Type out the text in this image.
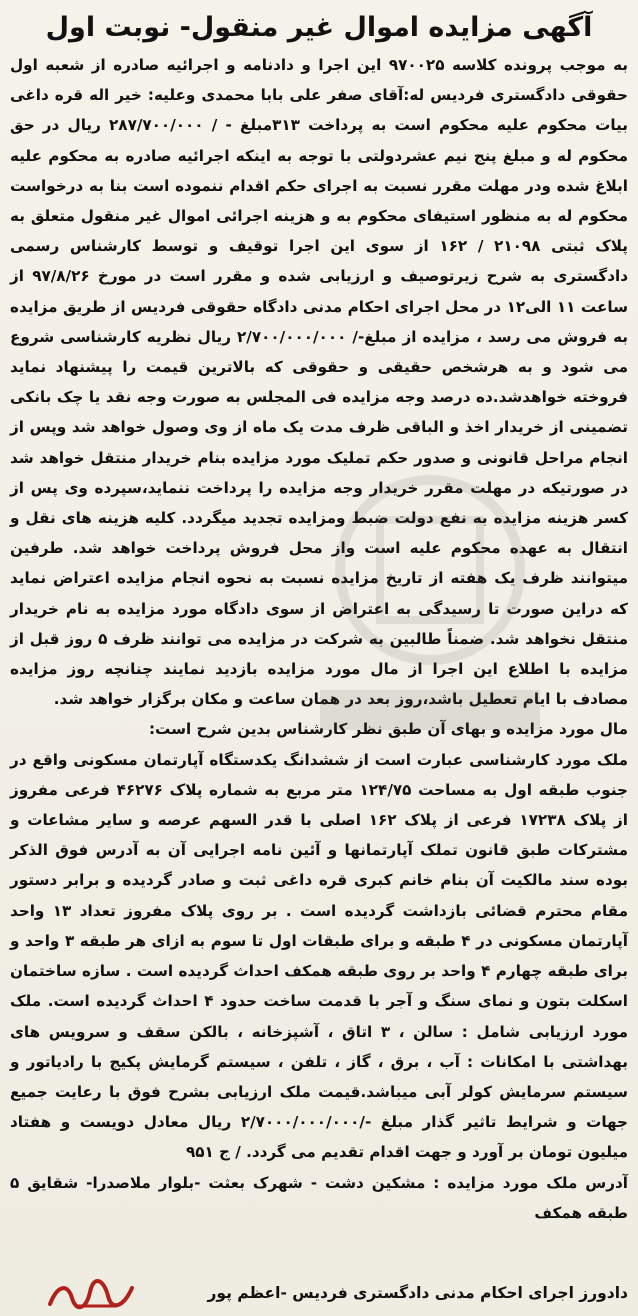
آگهی مزایده اموال غیر منقول- نوبت اول

به موجب پرونده کلاسه ۹۷۰۰۲۵ این اجرا و دادنامه و اجرائیه صادره از شعبه اول حقوقی دادگستری فردیس له:آقای صفر علی بابا محمدی وعلیه: خیر اله قره داغی بیات محکوم علیه محکوم است به پرداخت ۳۱۳مبلغ - / ۲۸۷/۷۰۰/۰۰۰ ریال در حق محکوم له و مبلغ پنج نیم عشردولتی با توجه به اینکه اجرائیه صادره به محکوم علیه ابلاغ شده ودر مهلت مقرر نسبت به اجرای حکم اقدام ننموده است بنا به درخواست محکوم له به منظور استیفای محکوم به و هزینه اجرائی اموال غیر منقول متعلق به پلاک ثبتی ۲۱۰۹۸ / ۱۶۲ از سوی این اجرا توقیف و توسط کارشناس رسمی دادگستری به شرح زیرتوصیف و ارزیابی شده و مقرر است در مورخ ۹۷/۸/۲۶ از ساعت ۱۱ الی۱۲ در محل اجرای احکام مدنی دادگاه حقوقی فردیس از طریق مزایده به فروش می رسد ، مزایده از مبلغ-/ ۲/۷۰۰/۰۰۰/۰۰۰ ریال نظریه کارشناسی شروع می شود و به هرشخص حقیقی و حقوقی که بالاترین قیمت را پیشنهاد نماید فروخته خواهدشد.ده درصد وجه مزایده فی المجلس به صورت وجه نقد یا چک بانکی تضمینی از خریدار اخذ و الباقی ظرف مدت یک ماه از وی وصول خواهد شد وپس از انجام مراحل قانونی و صدور حکم تملیک مورد مزایده بنام خریدار منتقل خواهد شد در صورتیکه در مهلت مقرر خریدار وجه مزایده را پرداخت ننماید،سپرده وی پس از کسر هزینه مزایده به نفع دولت ضبط ومزایده تجدید میگردد. کلیه هزینه های نقل و انتقال به عهده محکوم علیه است واز محل فروش پرداخت خواهد شد. طرفین میتوانند ظرف یک هفته از تاریخ مزایده نسبت به نحوه انجام مزایده اعتراض نماید که دراین صورت تا رسیدگی به اعتراض از سوی دادگاه مورد مزایده به نام خریدار منتقل نخواهد شد. ضمناً طالبین به شرکت در مزایده می توانند ظرف ۵ روز قبل از مزایده با اطلاع این اجرا از مال مورد مزایده بازدید نمایند چنانچه روز مزایده مصادف با ایام تعطیل باشد،روز بعد در همان ساعت و مکان برگزار خواهد شد.

مال مورد مزایده و بهای آن طبق نظر کارشناس بدین شرح است:

ملک مورد کارشناسی عبارت است از ششدانگ یکدستگاه آپارتمان مسکونی واقع در جنوب طبقه اول به مساحت ۱۲۴/۷۵ متر مربع به شماره پلاک ۴۶۲۷۶ فرعی مفروز از پلاک ۱۷۲۳۸ فرعی از پلاک ۱۶۲ اصلی با قدر السهم عرصه و سایر مشاعات و مشترکات طبق قانون تملک آپارتمانها و آئین نامه اجرایی آن به آدرس فوق الذکر بوده سند مالکیت آن بنام خانم کبری قره داغی ثبت و صادر گردیده و برابر دستور مقام محترم قضائی بازداشت گردیده است . بر روی پلاک مفروز تعداد ۱۳ واحد آپارتمان مسکونی در ۴ طبقه و برای طبقات اول تا سوم به ازای هر طبقه ۳ واحد و برای طبقه چهارم ۴ واحد بر روی طبقه همکف احداث گردیده است . سازه ساختمان اسکلت بتون و نمای سنگ و آجر با قدمت ساخت حدود ۴ احداث گردیده است. ملک مورد ارزیابی شامل : سالن ، ۳ اتاق ، آشپزخانه ، بالکن سقف و سرویس های بهداشتی با امکانات : آب ، برق ، گاز ، تلفن ، سیستم گرمایش پکیج با رادیاتور و سیستم سرمایش کولر آبی میباشد.قیمت ملک ارزیابی بشرح فوق با رعایت جمیع جهات و شرایط تاثیر گذار مبلغ -/۲/۷۰۰۰/۰۰۰/۰۰۰ ریال معادل دویست و هفتاد میلیون تومان بر آورد و جهت اقدام تقدیم می گردد. / ج ۹۵۱

آدرس ملک مورد مزایده : مشکین دشت - شهرک بعثت -بلوار ملاصدرا- شقایق ۵ طبقه همکف

دادورز اجرای احکام مدنی دادگستری فردیس -اعظم پور
